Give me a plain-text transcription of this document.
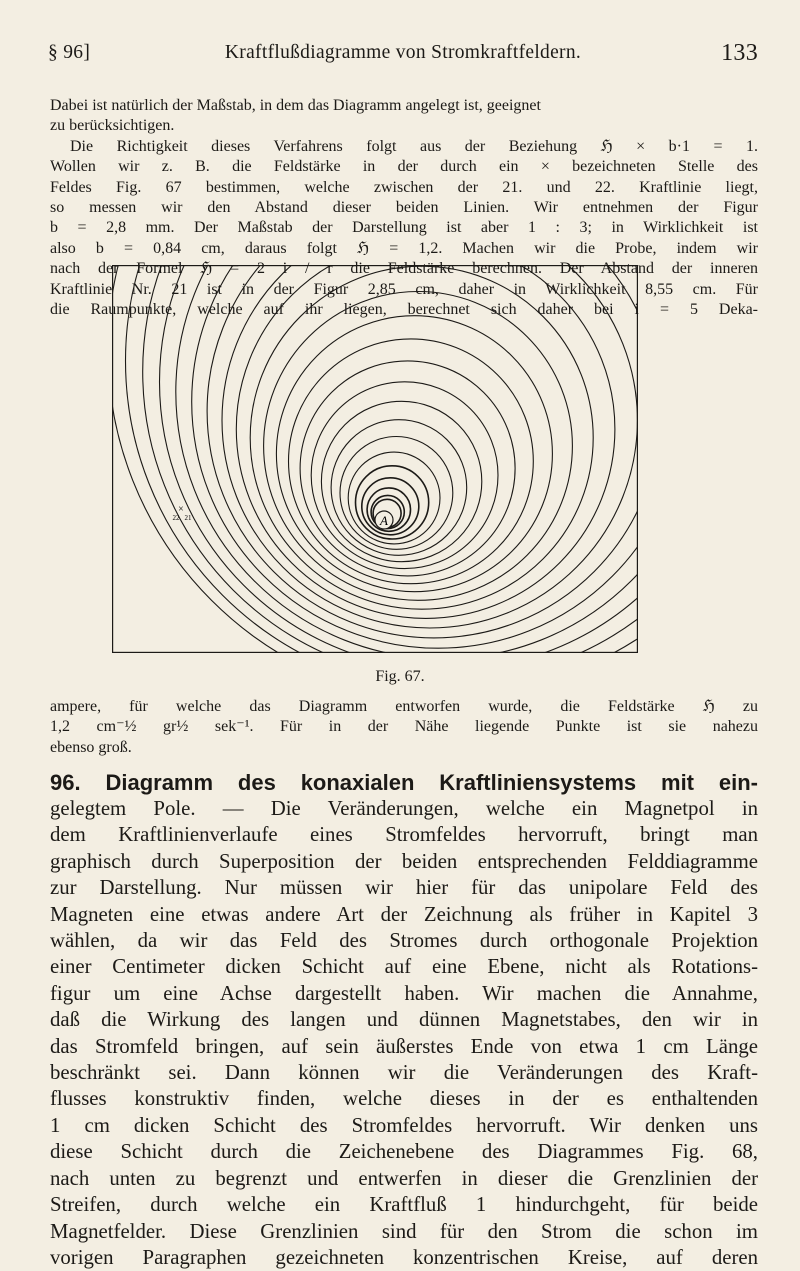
§ 96]	Kraftflußdiagramme von Stromkraftfeldern.	133
Dabei ist natürlich der Maßstab, in dem das Diagramm angelegt ist, geeignet
zu berücksichtigen.
Die Richtigkeit dieses Verfahrens folgt aus der Beziehung ℌ × b·1 = 1.
Wollen wir z. B. die Feldstärke in der durch ein × bezeichneten Stelle des
Feldes Fig. 67 bestimmen, welche zwischen der 21. und 22. Kraftlinie liegt,
so messen wir den Abstand dieser beiden Linien. Wir entnehmen der Figur
b = 2,8 mm. Der Maßstab der Darstellung ist aber 1 : 3; in Wirklichkeit ist
also b = 0,84 cm, daraus folgt ℌ = 1,2. Machen wir die Probe, indem wir
nach der Formel ℌ = 2 i / r die Feldstärke berechnen. Der Abstand der inneren
Kraftlinie Nr. 21 ist in der Figur 2,85 cm, daher in Wirklichkeit 8,55 cm. Für
die Raumpunkte, welche auf ihr liegen, berechnet sich daher bei i = 5 Deka-
A
×
22 21
Fig. 67.
ampere, für welche das Diagramm entworfen wurde, die Feldstärke ℌ zu
1,2 cm⁻½ gr½ sek⁻¹. Für in der Nähe liegende Punkte ist sie nahezu
ebenso groß.
96. Diagramm des konaxialen Kraftliniensystems mit ein-
gelegtem Pole. — Die Veränderungen, welche ein Magnetpol in
dem Kraftlinienverlaufe eines Stromfeldes hervorruft, bringt man
graphisch durch Superposition der beiden entsprechenden Felddiagramme
zur Darstellung. Nur müssen wir hier für das unipolare Feld des
Magneten eine etwas andere Art der Zeichnung als früher in Kapitel 3
wählen, da wir das Feld des Stromes durch orthogonale Projektion
einer Centimeter dicken Schicht auf eine Ebene, nicht als Rotations-
figur um eine Achse dargestellt haben. Wir machen die Annahme,
daß die Wirkung des langen und dünnen Magnetstabes, den wir in
das Stromfeld bringen, auf sein äußerstes Ende von etwa 1 cm Länge
beschränkt sei. Dann können wir die Veränderungen des Kraft-
flusses konstruktiv finden, welche dieses in der es enthaltenden
1 cm dicken Schicht des Stromfeldes hervorruft. Wir denken uns
diese Schicht durch die Zeichenebene des Diagrammes Fig. 68,
nach unten zu begrenzt und entwerfen in dieser die Grenzlinien der
Streifen, durch welche ein Kraftfluß 1 hindurchgeht, für beide
Magnetfelder. Diese Grenzlinien sind für den Strom die schon im
vorigen Paragraphen gezeichneten konzentrischen Kreise, auf deren
